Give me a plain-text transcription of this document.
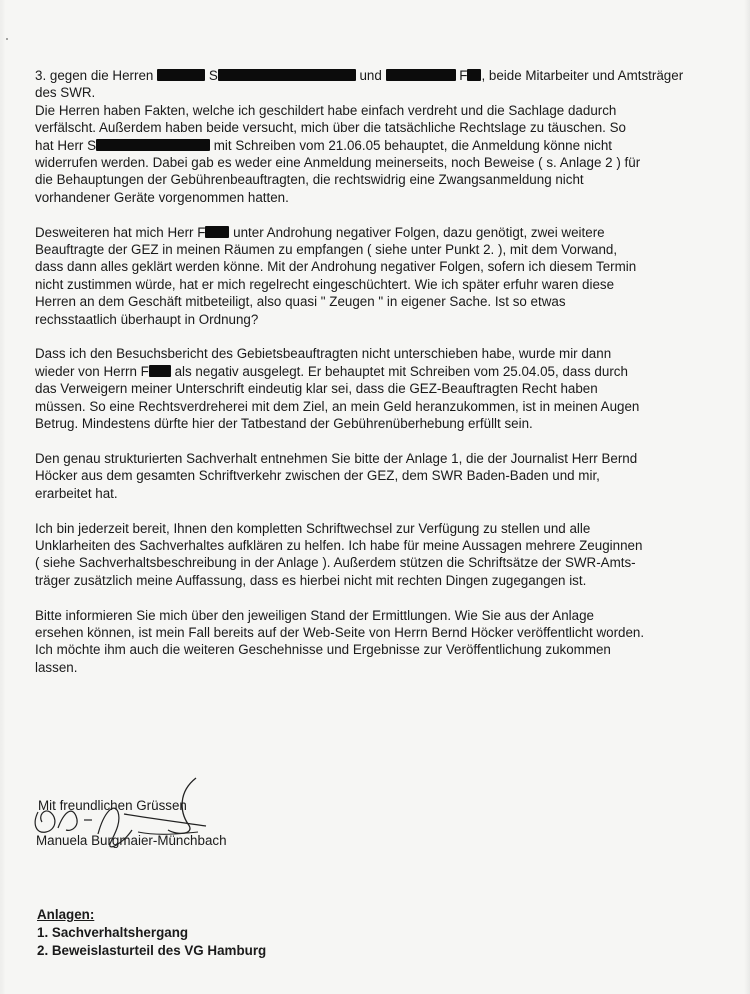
3. gegen die Herren	S	und	F , beide Mitarbeiter und Amtsträger
des SWR.
Die Herren haben Fakten, welche ich geschildert habe einfach verdreht und die Sachlage dadurch
verfälscht. Außerdem haben beide versucht, mich über die tatsächliche Rechtslage zu täuschen. So
hat Herr S	mit Schreiben vom 21.06.05 behauptet, die Anmeldung könne nicht
widerrufen werden. Dabei gab es weder eine Anmeldung meinerseits, noch Beweise ( s. Anlage 2 ) für
die Behauptungen der Gebührenbeauftragten, die rechtswidrig eine Zwangsanmeldung nicht
vorhandener Geräte vorgenommen hatten.
Desweiteren hat mich Herr F unter Androhung negativer Folgen, dazu genötigt, zwei weitere
Beauftragte der GEZ in meinen Räumen zu empfangen ( siehe unter Punkt 2. ), mit dem Vorwand,
dass dann alles geklärt werden könne. Mit der Androhung negativer Folgen, sofern ich diesem Termin
nicht zustimmen würde, hat er mich regelrecht eingeschüchtert. Wie ich später erfuhr waren diese
Herren an dem Geschäft mitbeteiligt, also quasi " Zeugen " in eigener Sache. Ist so etwas
rechsstaatlich überhaupt in Ordnung?
Dass ich den Besuchsbericht des Gebietsbeauftragten nicht unterschieben habe, wurde mir dann
wieder von Herrn F als negativ ausgelegt. Er behauptet mit Schreiben vom 25.04.05, dass durch
das Verweigern meiner Unterschrift eindeutig klar sei, dass die GEZ-Beauftragten Recht haben
müssen. So eine Rechtsverdreherei mit dem Ziel, an mein Geld heranzukommen, ist in meinen Augen
Betrug. Mindestens dürfte hier der Tatbestand der Gebührenüberhebung erfüllt sein.
Den genau strukturierten Sachverhalt entnehmen Sie bitte der Anlage 1, die der Journalist Herr Bernd
Höcker aus dem gesamten Schriftverkehr zwischen der GEZ, dem SWR Baden-Baden und mir,
erarbeitet hat.
Ich bin jederzeit bereit, Ihnen den kompletten Schriftwechsel zur Verfügung zu stellen und alle
Unklarheiten des Sachverhaltes aufklären zu helfen. Ich habe für meine Aussagen mehrere Zeuginnen
( siehe Sachverhaltsbeschreibung in der Anlage ). Außerdem stützen die Schriftsätze der SWR-Amts-
träger zusätzlich meine Auffassung, dass es hierbei nicht mit rechten Dingen zugegangen ist.
Bitte informieren Sie mich über den jeweiligen Stand der Ermittlungen. Wie Sie aus der Anlage
ersehen können, ist mein Fall bereits auf der Web-Seite von Herrn Bernd Höcker veröffentlicht worden.
Ich möchte ihm auch die weiteren Geschehnisse und Ergebnisse zur Veröffentlichung zukommen
lassen.
Mit freundlichen Grüssen
Manuela Burgmaier-Münchbach
Anlagen:
1. Sachverhaltshergang
2. Beweislasturteil des VG Hamburg
